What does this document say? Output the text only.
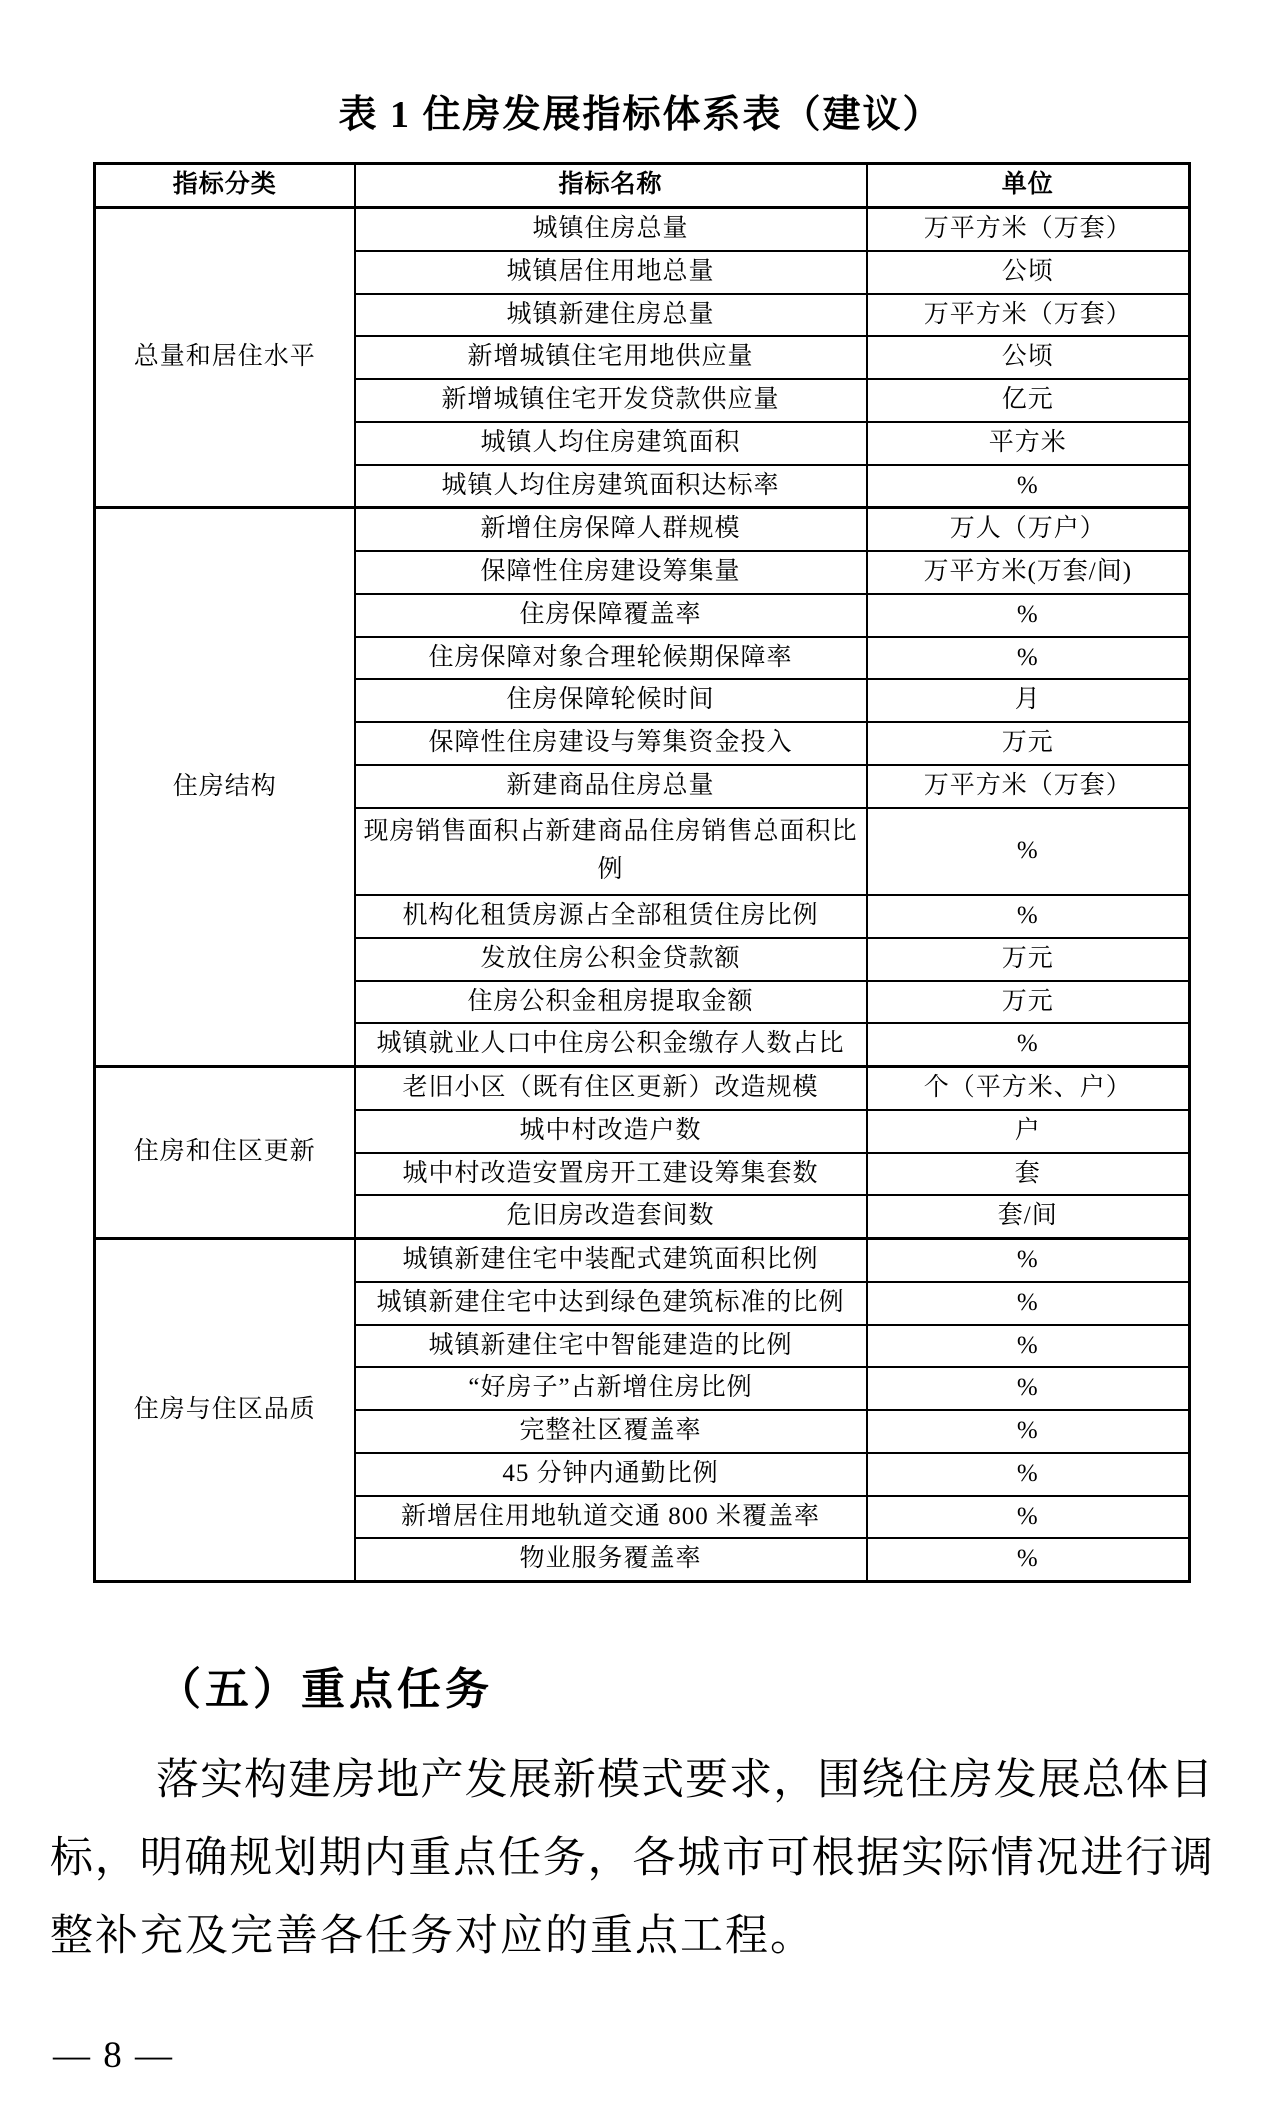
表 1 住房发展指标体系表（建议）
指标分类	指标名称	单位
总量和居住水平	城镇住房总量	万平方米（万套）
	城镇居住用地总量	公顷
	城镇新建住房总量	万平方米（万套）
	新增城镇住宅用地供应量	公顷
	新增城镇住宅开发贷款供应量	亿元
	城镇人均住房建筑面积	平方米
	城镇人均住房建筑面积达标率	%
住房结构	新增住房保障人群规模	万人（万户）
	保障性住房建设筹集量	万平方米(万套/间)
	住房保障覆盖率	%
	住房保障对象合理轮候期保障率	%
	住房保障轮候时间	月
	保障性住房建设与筹集资金投入	万元
	新建商品住房总量	万平方米（万套）
	现房销售面积占新建商品住房销售总面积比例	%
	机构化租赁房源占全部租赁住房比例	%
	发放住房公积金贷款额	万元
	住房公积金租房提取金额	万元
	城镇就业人口中住房公积金缴存人数占比	%
住房和住区更新	老旧小区（既有住区更新）改造规模	个（平方米、户）
	城中村改造户数	户
	城中村改造安置房开工建设筹集套数	套
	危旧房改造套间数	套/间
住房与住区品质	城镇新建住宅中装配式建筑面积比例	%
	城镇新建住宅中达到绿色建筑标准的比例	%
	城镇新建住宅中智能建造的比例	%
	“好房子”占新增住房比例	%
	完整社区覆盖率	%
	45 分钟内通勤比例	%
	新增居住用地轨道交通 800 米覆盖率	%
	物业服务覆盖率	%
（五）重点任务
落实构建房地产发展新模式要求，围绕住房发展总体目
标，明确规划期内重点任务，各城市可根据实际情况进行调
整补充及完善各任务对应的重点工程。
— 8 —
